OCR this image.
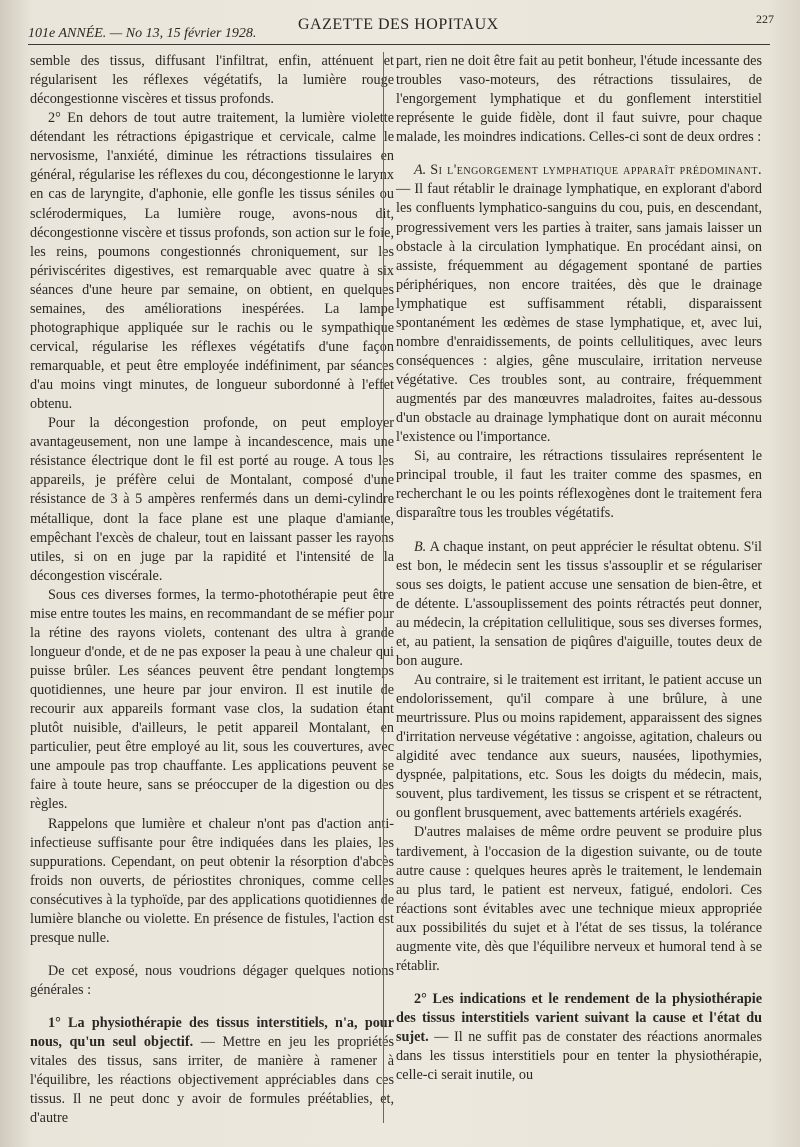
101e ANNÉE. — No 13, 15 février 1928.
GAZETTE DES HOPITAUX	227

semble des tissus, diffusant l'infiltrat, enfin, atténuent et régularisent les réflexes végétatifs, la lumière rouge décongestionne viscères et tissus profonds.

2° En dehors de tout autre traitement, la lumière violette détendant les rétractions épigastrique et cervicale, calme le nervosisme, l'anxiété, diminue les rétractions tissulaires en général, régularise les réflexes du cou, décongestionne le larynx en cas de laryngite, d'aphonie, elle gonfle les tissus séniles ou sclérodermiques, La lumière rouge, avons-nous dit, décongestionne viscère et tissus profonds, son action sur le foie, les reins, poumons congestionnés chroniquement, sur les périviscérites digestives, est remarquable avec quatre à six séances d'une heure par semaine, on obtient, en quelques semaines, des améliorations inespérées. La lampe photographique appliquée sur le rachis ou le sympathique cervical, régularise les réflexes végétatifs d'une façon remarquable, et peut être employée indéfiniment, par séances d'au moins vingt minutes, de longueur subordonné à l'effet obtenu.

Pour la décongestion profonde, on peut employer avantageusement, non une lampe à incandescence, mais une résistance électrique dont le fil est porté au rouge. A tous les appareils, je préfère celui de Montalant, composé d'une résistance de 3 à 5 ampères renfermés dans un demi-cylindre métallique, dont la face plane est une plaque d'amiante, empêchant l'excès de chaleur, tout en laissant passer les rayons utiles, si on en juge par la rapidité et l'intensité de la décongestion viscérale.

Sous ces diverses formes, la termo-photothérapie peut être mise entre toutes les mains, en recommandant de se méfier pour la rétine des rayons violets, contenant des ultra à grande longueur d'onde, et de ne pas exposer la peau à une chaleur qui puisse brûler. Les séances peuvent être pendant longtemps quotidiennes, une heure par jour environ. Il est inutile de recourir aux appareils formant vase clos, la sudation étant plutôt nuisible, d'ailleurs, le petit appareil Montalant, en particulier, peut être employé au lit, sous les couvertures, avec une ampoule pas trop chauffante. Les applications peuvent se faire à toute heure, sans se préoccuper de la digestion ou des règles.

Rappelons que lumière et chaleur n'ont pas d'action anti-infectieuse suffisante pour être indiquées dans les plaies, les suppurations. Cependant, on peut obtenir la résorption d'abcès froids non ouverts, de périostites chroniques, comme celles consécutives à la typhoïde, par des applications quotidiennes de lumière blanche ou violette. En présence de fistules, l'action est presque nulle.

De cet exposé, nous voudrions dégager quelques notions générales :

1° La physiothérapie des tissus interstitiels, n'a, pour nous, qu'un seul objectif. — Mettre en jeu les propriétés vitales des tissus, sans irriter, de manière à ramener à l'équilibre, les réactions objectivement appréciables dans ces tissus. Il ne peut donc y avoir de formules préétablies, et, d'autre

part, rien ne doit être fait au petit bonheur, l'étude incessante des troubles vaso-moteurs, des rétractions tissulaires, de l'engorgement lymphatique et du gonflement interstitiel représente le guide fidèle, dont il faut suivre, pour chaque malade, les moindres indications. Celles-ci sont de deux ordres :

A. Si l'engorgement lymphatique apparaît prédominant. — Il faut rétablir le drainage lymphatique, en explorant d'abord les confluents lymphatico-sanguins du cou, puis, en descendant, progressivement vers les parties à traiter, sans jamais laisser un obstacle à la circulation lymphatique. En procédant ainsi, on assiste, fréquemment au dégagement spontané de parties périphériques, non encore traitées, dès que le drainage lymphatique est suffisamment rétabli, disparaissent spontanément les œdèmes de stase lymphatique, et, avec lui, nombre d'enraidissements, de points cellulitiques, avec leurs conséquences : algies, gêne musculaire, irritation nerveuse végétative. Ces troubles sont, au contraire, fréquemment augmentés par des manœuvres maladroites, faites au-dessous d'un obstacle au drainage lymphatique dont on aurait méconnu l'existence ou l'importance.

Si, au contraire, les rétractions tissulaires représentent le principal trouble, il faut les traiter comme des spasmes, en recherchant le ou les points réflexogènes dont le traitement fera disparaître tous les troubles végétatifs.

B. A chaque instant, on peut apprécier le résultat obtenu. S'il est bon, le médecin sent les tissus s'assouplir et se régulariser sous ses doigts, le patient accuse une sensation de bien-être, et de détente. L'assouplissement des points rétractés peut donner, au médecin, la crépitation cellulitique, sous ses diverses formes, et, au patient, la sensation de piqûres d'aiguille, toutes deux de bon augure.

Au contraire, si le traitement est irritant, le patient accuse un endolorissement, qu'il compare à une brûlure, à une meurtrissure. Plus ou moins rapidement, apparaissent des signes d'irritation nerveuse végétative : angoisse, agitation, chaleurs ou algidité avec tendance aux sueurs, nausées, lipothymies, dyspnée, palpitations, etc. Sous les doigts du médecin, mais, souvent, plus tardivement, les tissus se crispent et se rétractent, ou gonflent brusquement, avec battements artériels exagérés.

D'autres malaises de même ordre peuvent se produire plus tardivement, à l'occasion de la digestion suivante, ou de toute autre cause : quelques heures après le traitement, le lendemain au plus tard, le patient est nerveux, fatigué, endolori. Ces réactions sont évitables avec une technique mieux appropriée aux possibilités du sujet et à l'état de ses tissus, la tolérance augmente vite, dès que l'équilibre nerveux et humoral tend à se rétablir.

2° Les indications et le rendement de la physiothérapie des tissus interstitiels varient suivant la cause et l'état du sujet. — Il ne suffit pas de constater des réactions anormales dans les tissus interstitiels pour en tenter la physiothérapie, celle-ci serait inutile, ou
